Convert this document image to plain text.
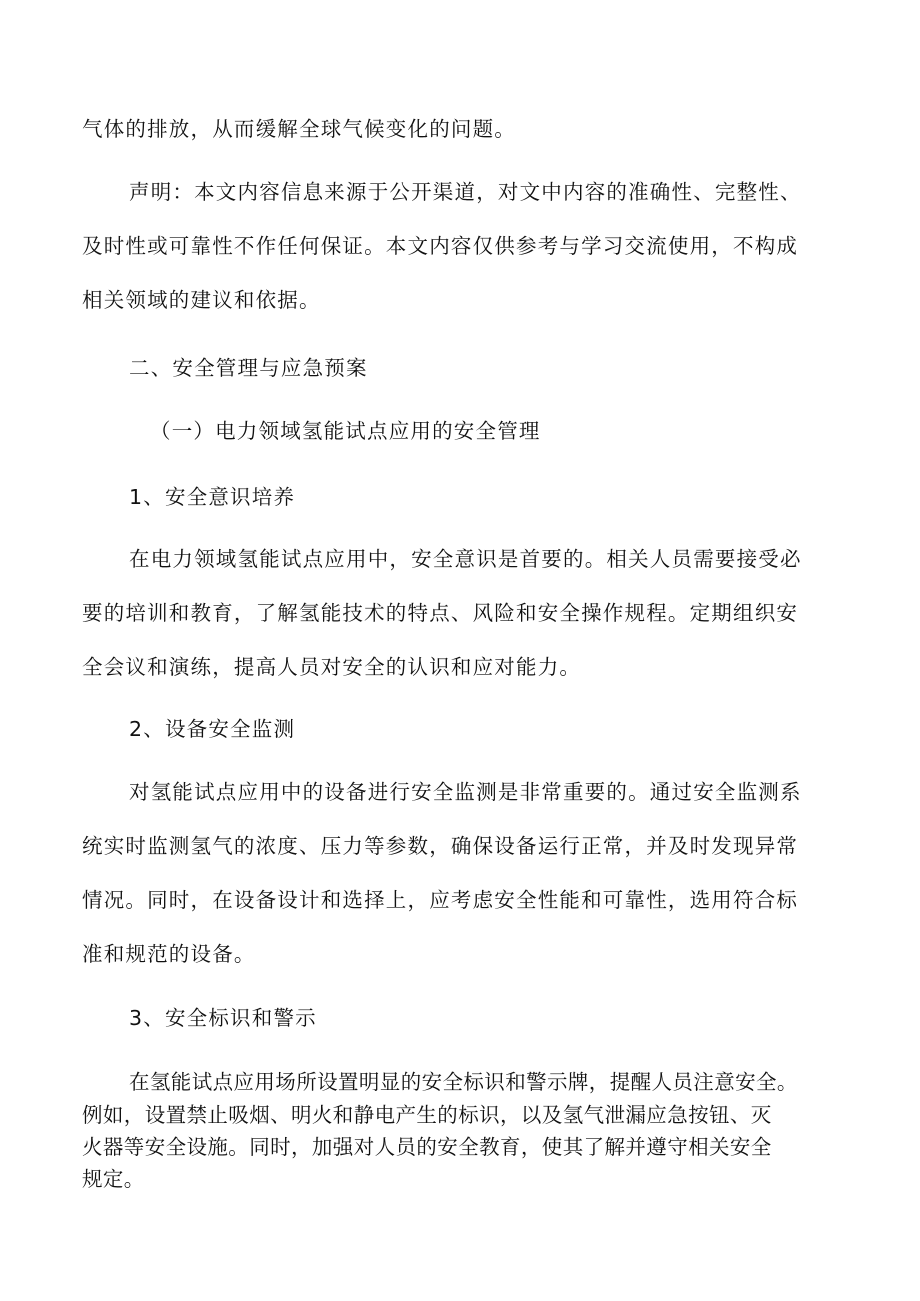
气体的排放，从而缓解全球气候变化的问题。
声明：本文内容信息来源于公开渠道，对文中内容的准确性、完整性、
及时性或可靠性不作任何保证。本文内容仅供参考与学习交流使用，不构成
相关领域的建议和依据。
二、安全管理与应急预案
（一）电力领域氢能试点应用的安全管理
1、安全意识培养
在电力领域氢能试点应用中，安全意识是首要的。相关人员需要接受必
要的培训和教育，了解氢能技术的特点、风险和安全操作规程。定期组织安
全会议和演练，提高人员对安全的认识和应对能力。
2、设备安全监测
对氢能试点应用中的设备进行安全监测是非常重要的。通过安全监测系
统实时监测氢气的浓度、压力等参数，确保设备运行正常，并及时发现异常
情况。同时，在设备设计和选择上，应考虑安全性能和可靠性，选用符合标
准和规范的设备。
3、安全标识和警示
在氢能试点应用场所设置明显的安全标识和警示牌，提醒人员注意安全。
例如，设置禁止吸烟、明火和静电产生的标识，以及氢气泄漏应急按钮、灭
火器等安全设施。同时，加强对人员的安全教育，使其了解并遵守相关安全
规定。
